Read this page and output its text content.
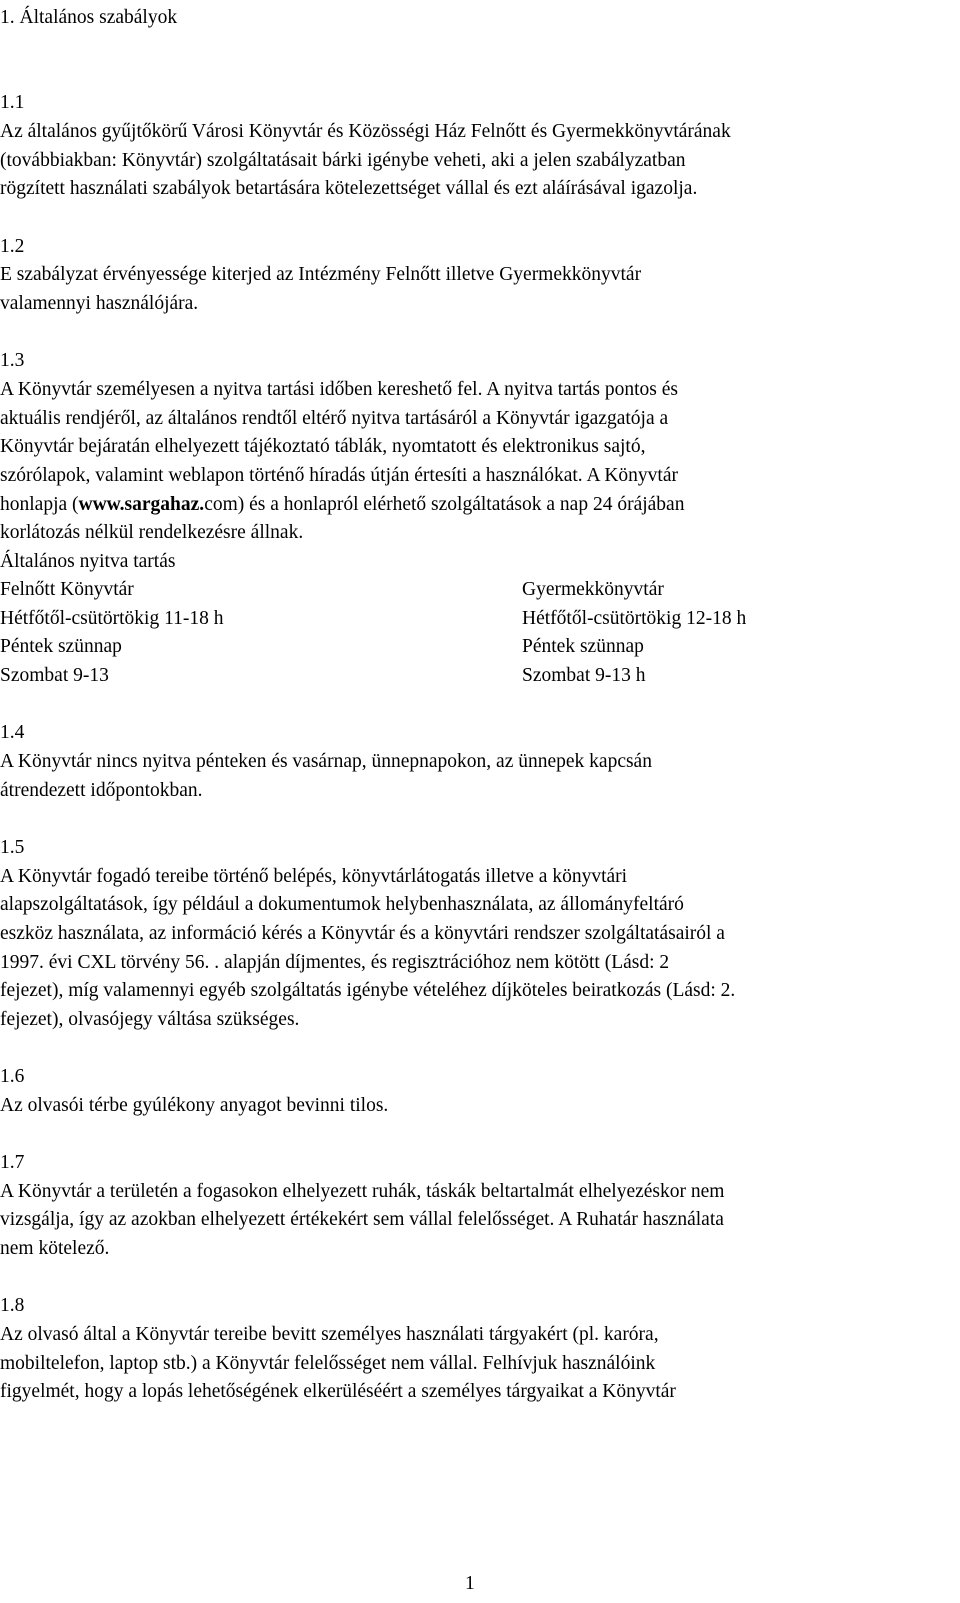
1. Általános szabályok

1.1

Az általános gyűjtőkörű Városi Könyvtár és Közösségi Ház Felnőtt és Gyermekkönyvtárának

(továbbiakban: Könyvtár) szolgáltatásait bárki igénybe veheti, aki a jelen szabályzatban

rögzített használati szabályok betartására kötelezettséget vállal és ezt aláírásával igazolja.

1.2

E szabályzat érvényessége kiterjed az Intézmény Felnőtt illetve Gyermekkönyvtár

valamennyi használójára.

1.3

A Könyvtár személyesen a nyitva tartási időben kereshető fel. A nyitva tartás pontos és

aktuális rendjéről, az általános rendtől eltérő nyitva tartásáról a Könyvtár igazgatója a

Könyvtár bejáratán elhelyezett tájékoztató táblák, nyomtatott és elektronikus sajtó,

szórólapok, valamint weblapon történő híradás útján értesíti a használókat. A Könyvtár

honlapja (www.sargahaz.com) és a honlapról elérhető szolgáltatások a nap 24 órájában

korlátozás nélkül rendelkezésre állnak.

Általános nyitva tartás

Felnőtt Könyvtár	Gyermekkönyvtár

Hétfőtől-csütörtökig 11-18 h	Hétfőtől-csütörtökig 12-18 h

Péntek szünnap	Péntek szünnap

Szombat 9-13	Szombat 9-13 h

1.4

A Könyvtár nincs nyitva pénteken és vasárnap, ünnepnapokon, az ünnepek kapcsán

átrendezett időpontokban.

1.5

A Könyvtár fogadó tereibe történő belépés, könyvtárlátogatás illetve a könyvtári

alapszolgáltatások, így például a dokumentumok helybenhasználata, az állományfeltáró

eszköz használata, az információ kérés a Könyvtár és a könyvtári rendszer szolgáltatásairól a

1997. évi CXL törvény 56. . alapján díjmentes, és regisztrációhoz nem kötött (Lásd: 2

fejezet), míg valamennyi egyéb szolgáltatás igénybe vételéhez díjköteles beiratkozás (Lásd: 2.

fejezet), olvasójegy váltása szükséges.

1.6

Az olvasói térbe gyúlékony anyagot bevinni tilos.

1.7

A Könyvtár a területén a fogasokon elhelyezett ruhák, táskák beltartalmát elhelyezéskor nem

vizsgálja, így az azokban elhelyezett értékekért sem vállal felelősséget. A Ruhatár használata

nem kötelező.

1.8

Az olvasó által a Könyvtár tereibe bevitt személyes használati tárgyakért (pl. karóra,

mobiltelefon, laptop stb.) a Könyvtár felelősséget nem vállal. Felhívjuk használóink

figyelmét, hogy a lopás lehetőségének elkerüléséért a személyes tárgyaikat a Könyvtár

1
